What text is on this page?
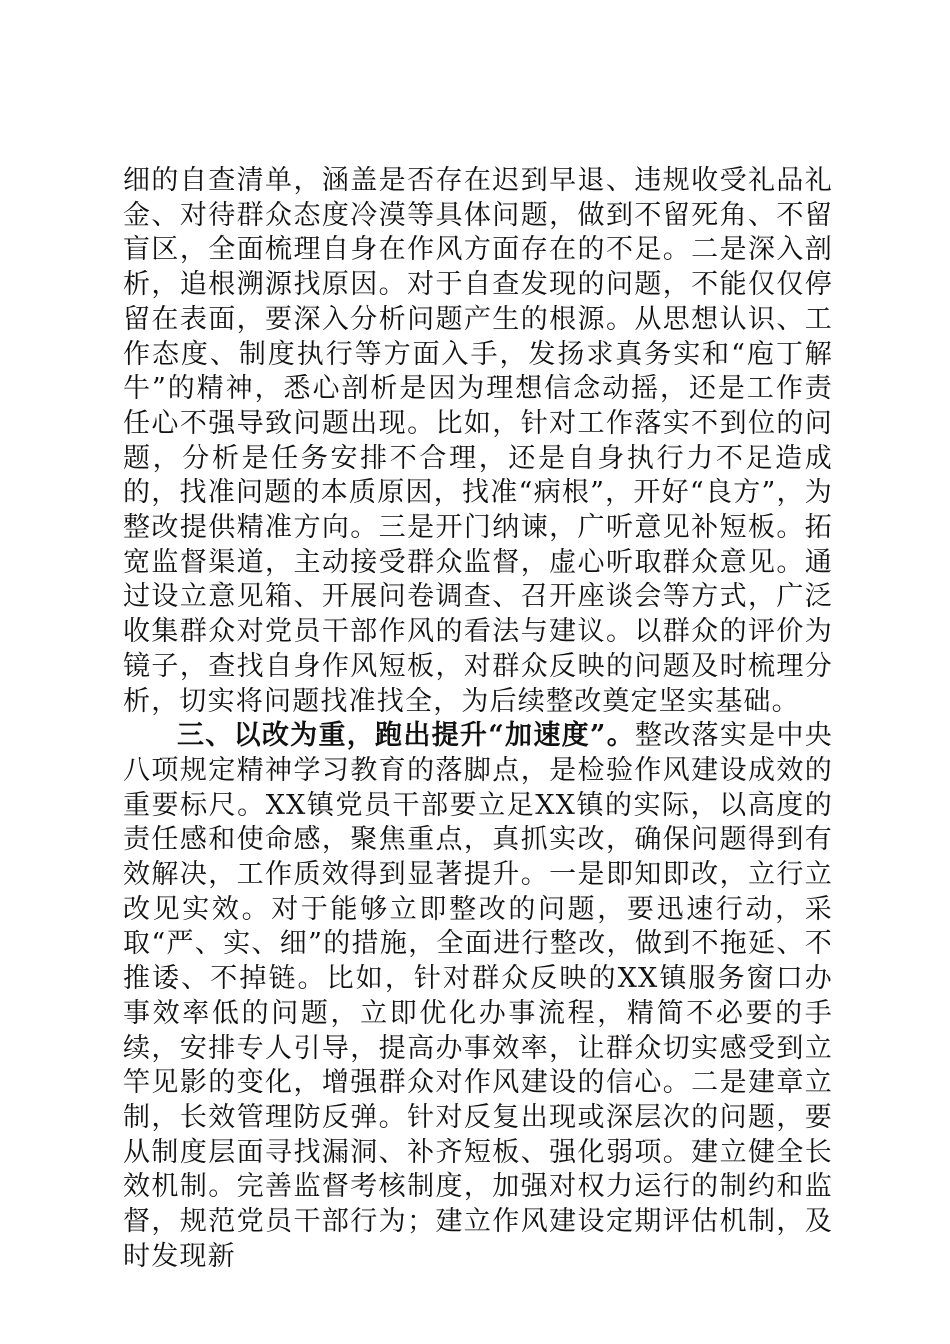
细的自查清单，涵盖是否存在迟到早退、违规收受礼品礼金、对待群众态度冷漠等具体问题，做到不留死角、不留盲区，全面梳理自身在作风方面存在的不足。二是深入剖析，追根溯源找原因。对于自查发现的问题，不能仅仅停留在表面，要深入分析问题产生的根源。从思想认识、工作态度、制度执行等方面入手，发扬求真务实和“庖丁解牛”的精神，悉心剖析是因为理想信念动摇，还是工作责任心不强导致问题出现。比如，针对工作落实不到位的问题，分析是任务安排不合理，还是自身执行力不足造成的，找准问题的本质原因，找准“病根”，开好“良方”，为整改提供精准方向。三是开门纳谏，广听意见补短板。拓宽监督渠道，主动接受群众监督，虚心听取群众意见。通过设立意见箱、开展问卷调查、召开座谈会等方式，广泛收集群众对党员干部作风的看法与建议。以群众的评价为镜子，查找自身作风短板，对群众反映的问题及时梳理分析，切实将问题找准找全，为后续整改奠定坚实基础。

三、以改为重，跑出提升“加速度”。整改落实是中央八项规定精神学习教育的落脚点，是检验作风建设成效的重要标尺。XX镇党员干部要立足XX镇的实际，以高度的责任感和使命感，聚焦重点，真抓实改，确保问题得到有效解决，工作质效得到显著提升。一是即知即改，立行立改见实效。对于能够立即整改的问题，要迅速行动，采取“严、实、细”的措施，全面进行整改，做到不拖延、不推诿、不掉链。比如，针对群众反映的XX镇服务窗口办事效率低的问题，立即优化办事流程，精简不必要的手续，安排专人引导，提高办事效率，让群众切实感受到立竿见影的变化，增强群众对作风建设的信心。二是建章立制，长效管理防反弹。针对反复出现或深层次的问题，要从制度层面寻找漏洞、补齐短板、强化弱项。建立健全长效机制。完善监督考核制度，加强对权力运行的制约和监督，规范党员干部行为；建立作风建设定期评估机制，及时发现新
